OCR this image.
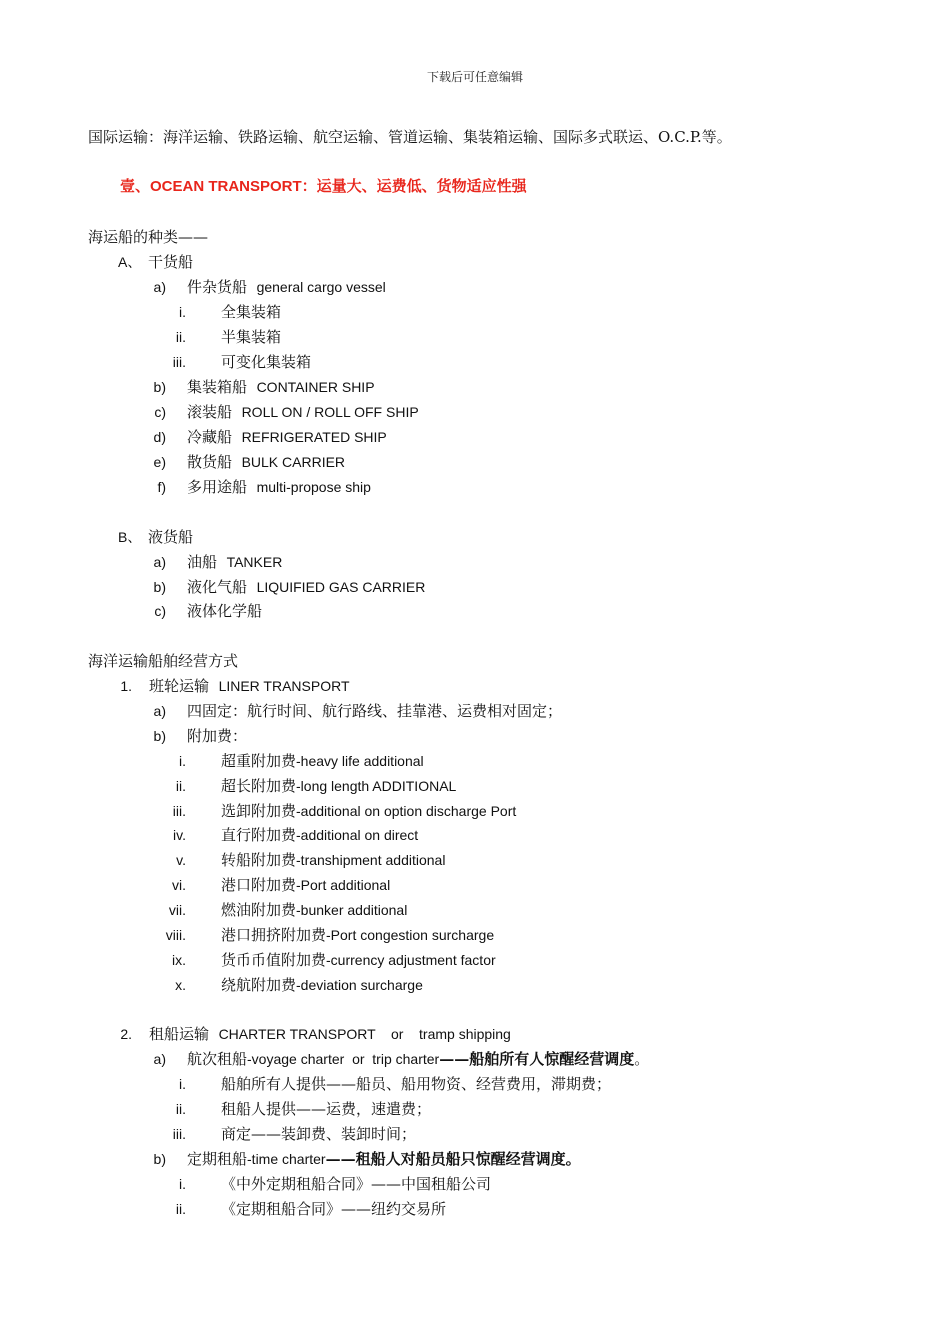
下载后可任意编辑
国际运输：海洋运输、铁路运输、航空运输、管道运输、集装箱运输、国际多式联运、O.C.P.等。
壹、OCEAN TRANSPORT：运量大、运费低、货物适应性强
海运船的种类——
A、 干货船
a) 件杂货船 general cargo vessel
i. 全集装箱
ii. 半集装箱
iii. 可变化集装箱
b) 集装箱船 CONTAINER SHIP
c) 滚装船 ROLL ON / ROLL OFF SHIP
d) 冷藏船 REFRIGERATED SHIP
e) 散货船 BULK CARRIER
f) 多用途船 multi-propose ship
B、 液货船
a) 油船 TANKER
b) 液化气船 LIQUIFIED GAS CARRIER
c) 液体化学船
海洋运输船舶经营方式
1. 班轮运输 LINER TRANSPORT
a) 四固定：航行时间、航行路线、挂靠港、运费相对固定；
b) 附加费：
i. 超重附加费-heavy life additional
ii. 超长附加费-long length ADDITIONAL
iii. 选卸附加费-additional on option discharge Port
iv. 直行附加费-additional on direct
v. 转船附加费-transhipment additional
vi. 港口附加费-Port additional
vii. 燃油附加费-bunker additional
viii. 港口拥挤附加费-Port congestion surcharge
ix. 货币币值附加费-currency adjustment factor
x. 绕航附加费-deviation surcharge
2. 租船运输 CHARTER TRANSPORT    or    tramp shipping
a) 航次租船-voyage charter  or  trip charter——船舶所有人惊醒经营调度。
i. 船舶所有人提供——船员、船用物资、经营费用，滞期费；
ii. 租船人提供——运费，速遣费；
iii. 商定——装卸费、装卸时间；
b) 定期租船-time charter——租船人对船员船只惊醒经营调度。
i. 《中外定期租船合同》——中国租船公司
ii. 《定期租船合同》——纽约交易所
